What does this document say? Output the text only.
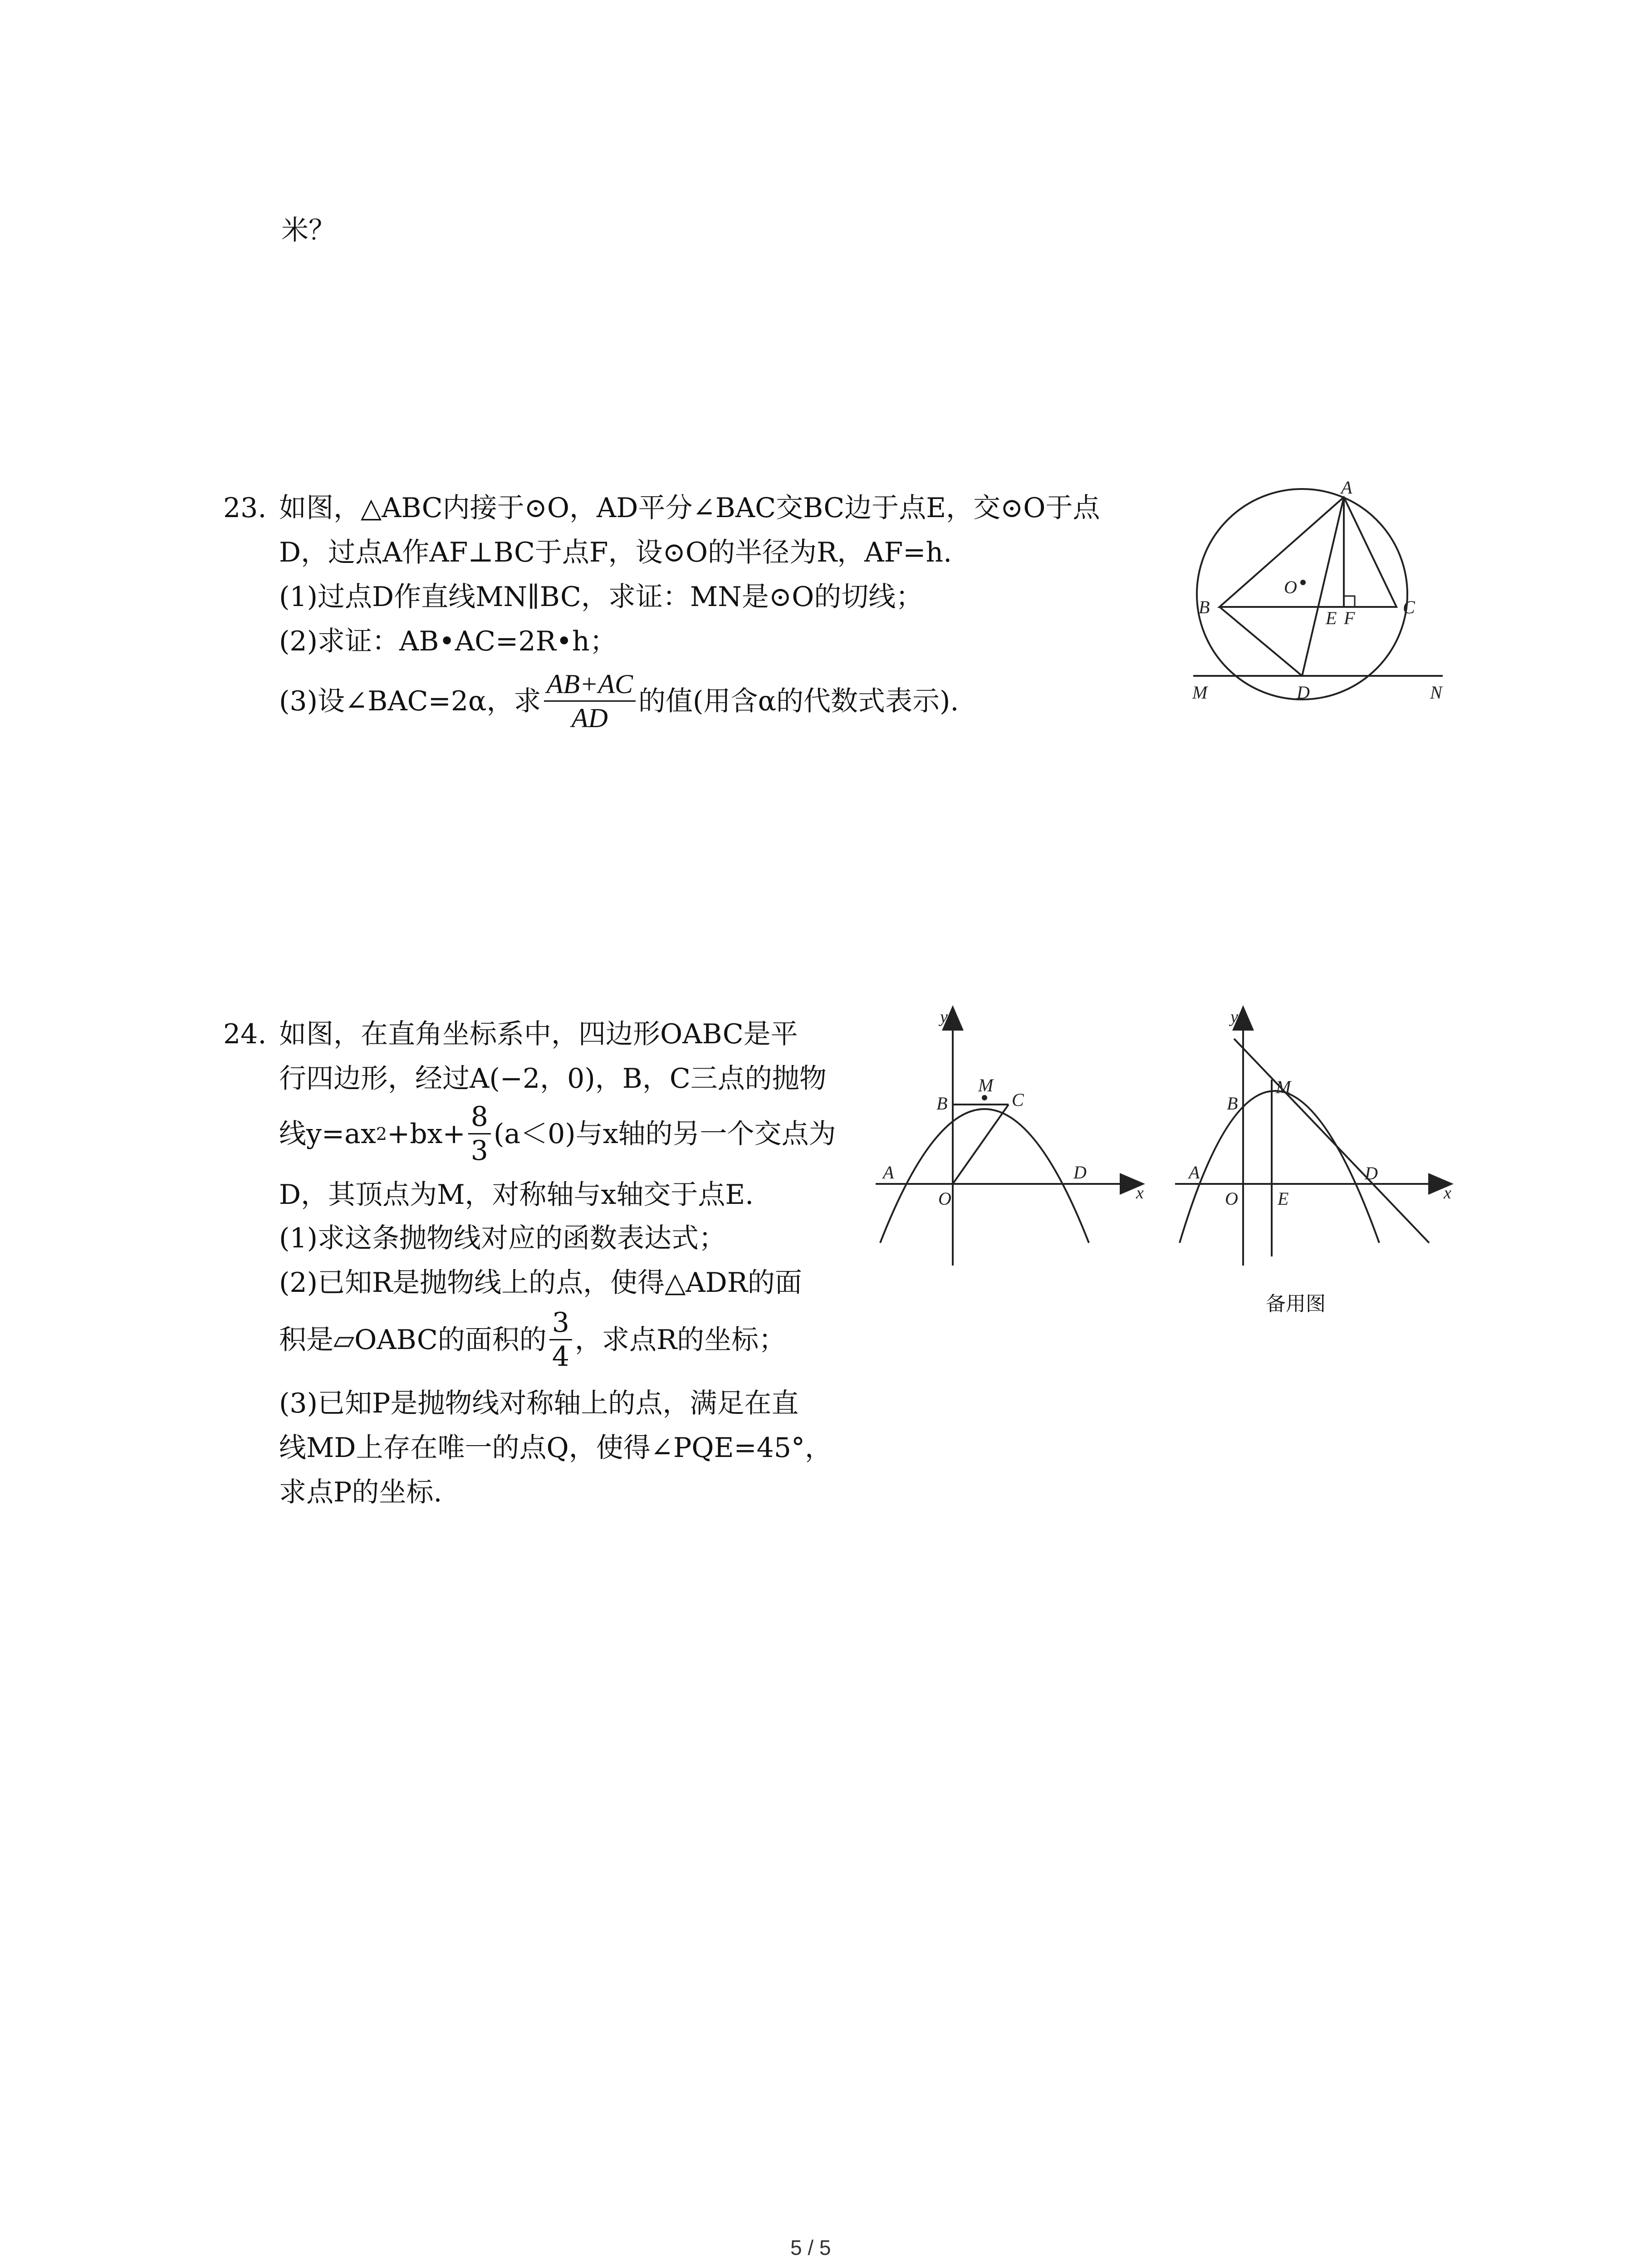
米？
23. 如图，△ABC内接于⊙O，AD平分∠BAC交BC边于点E，交⊙O于点
D，过点A作AF⊥BC于点F，设⊙O的半径为R，AF=h.
(1)过点D作直线MN∥BC，求证：MN是⊙O的切线；
(2)求证：AB•AC=2R•h；
(3)设∠BAC=2α，求 $\frac{AB+AC}{AD}$ 的值(用含α的代数式表示).
A
B	C
O
E F
D
M	N
24. 如图，在直角坐标系中，四边形OABC是平
行四边形，经过A(−2，0)，B，C三点的抛物
线y=ax $2 +bx+ \frac{8}{3} (a<0)$与x轴的另一个交点为
D，其顶点为M，对称轴与x轴交于点E.
(1)求这条抛物线对应的函数表达式；
(2)已知R是抛物线上的点，使得△ADR的面
积是▱OABC的面积的 $\frac{3}{4}$ ，求点R的坐标；
(3)已知P是抛物线对称轴上的点，满足在直
线MD上存在唯一的点Q，使得∠PQE=45°，
求点P的坐标.
y
x
B
M
C
A
O
D
y
x
B
M
A
O E
D
备用图
5 / 5
